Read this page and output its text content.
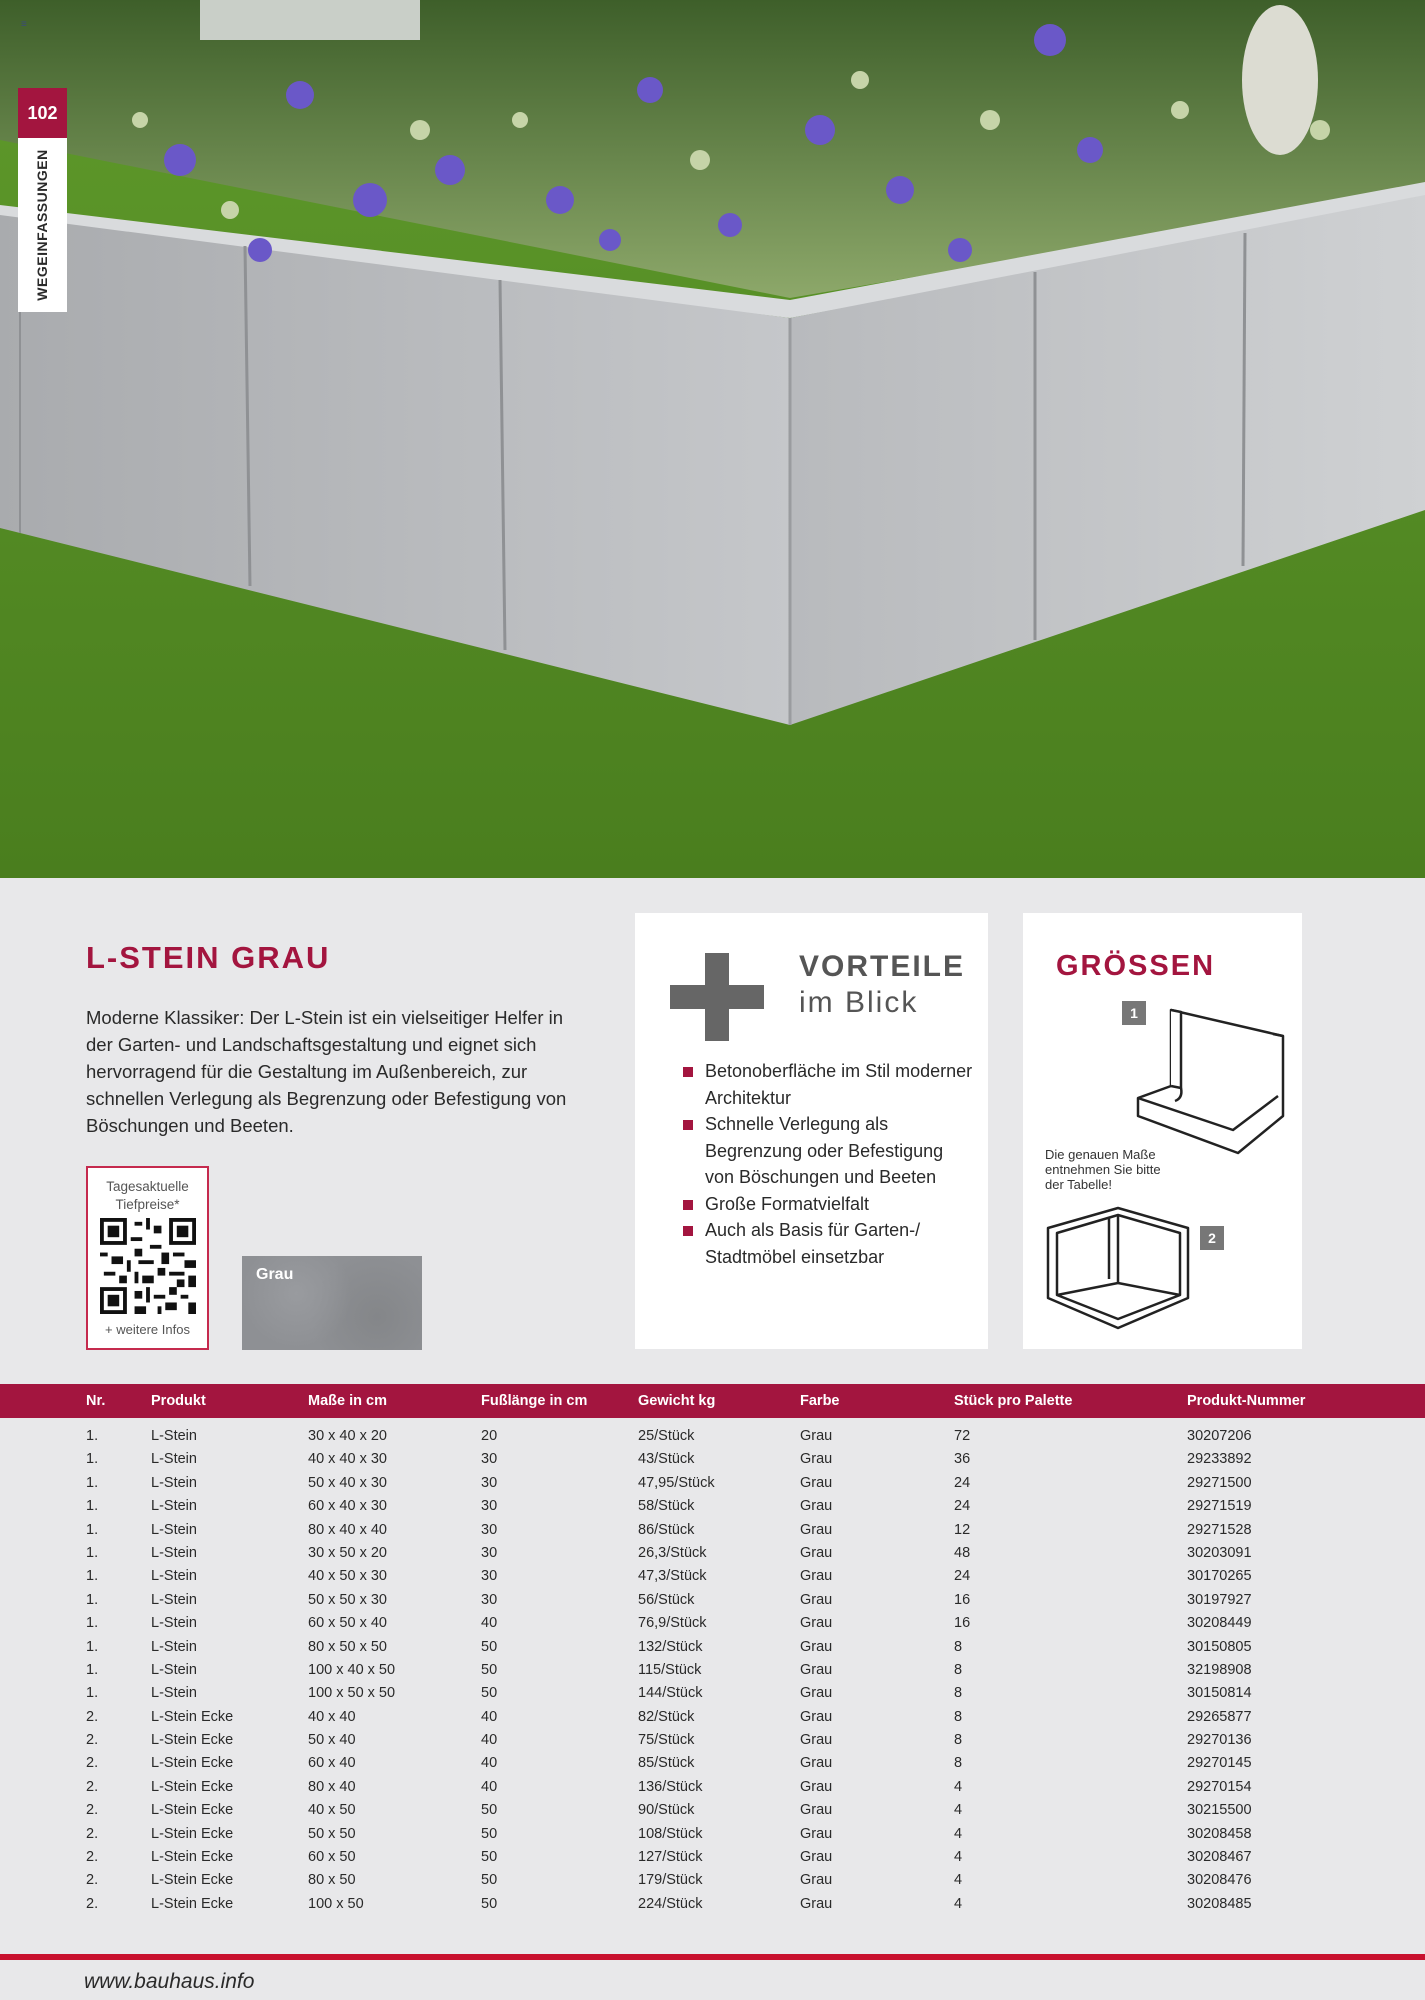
≡
102
WEGEINFASSUNGEN
L-STEIN GRAU

Moderne Klassiker: Der L-Stein ist ein vielseitiger Helfer in der Garten- und Landschaftsgestaltung und eignet sich hervorragend für die Gestaltung im Außenbereich, zur schnellen Verlegung als Begrenzung oder Befestigung von Böschungen und Beeten.

Tagesaktuelle
Tiefpreise*
+ weitere Infos
Grau
VORTEILE
im Blick
Betonoberfläche im Stil moderner Architektur
Schnelle Verlegung als Begrenzung oder Befestigung von Böschungen und Beeten
Große Formatvielfalt
Auch als Basis für Garten-/ Stadtmöbel einsetzbar
GRÖSSEN
1
Die genauen Maße entnehmen Sie bitte der Tabelle!
2
Nr.	Produkt	Maße in cm	Fußlänge in cm	Gewicht kg	Farbe	Stück pro Palette	Produkt-Nummer
1.	L-Stein	30 x 40 x 20	20	25/Stück	Grau	72	30207206
1.	L-Stein	40 x 40 x 30	30	43/Stück	Grau	36	29233892
1.	L-Stein	50 x 40 x 30	30	47,95/Stück	Grau	24	29271500
1.	L-Stein	60 x 40 x 30	30	58/Stück	Grau	24	29271519
1.	L-Stein	80 x 40 x 40	30	86/Stück	Grau	12	29271528
1.	L-Stein	30 x 50 x 20	30	26,3/Stück	Grau	48	30203091
1.	L-Stein	40 x 50 x 30	30	47,3/Stück	Grau	24	30170265
1.	L-Stein	50 x 50 x 30	30	56/Stück	Grau	16	30197927
1.	L-Stein	60 x 50 x 40	40	76,9/Stück	Grau	16	30208449
1.	L-Stein	80 x 50 x 50	50	132/Stück	Grau	8	30150805
1.	L-Stein	100 x 40 x 50	50	115/Stück	Grau	8	32198908
1.	L-Stein	100 x 50 x 50	50	144/Stück	Grau	8	30150814
2.	L-Stein Ecke	40 x 40	40	82/Stück	Grau	8	29265877
2.	L-Stein Ecke	50 x 40	40	75/Stück	Grau	8	29270136
2.	L-Stein Ecke	60 x 40	40	85/Stück	Grau	8	29270145
2.	L-Stein Ecke	80 x 40	40	136/Stück	Grau	4	29270154
2.	L-Stein Ecke	40 x 50	50	90/Stück	Grau	4	30215500
2.	L-Stein Ecke	50 x 50	50	108/Stück	Grau	4	30208458
2.	L-Stein Ecke	60 x 50	50	127/Stück	Grau	4	30208467
2.	L-Stein Ecke	80 x 50	50	179/Stück	Grau	4	30208476
2.	L-Stein Ecke	100 x 50	50	224/Stück	Grau	4	30208485
www.bauhaus.info
